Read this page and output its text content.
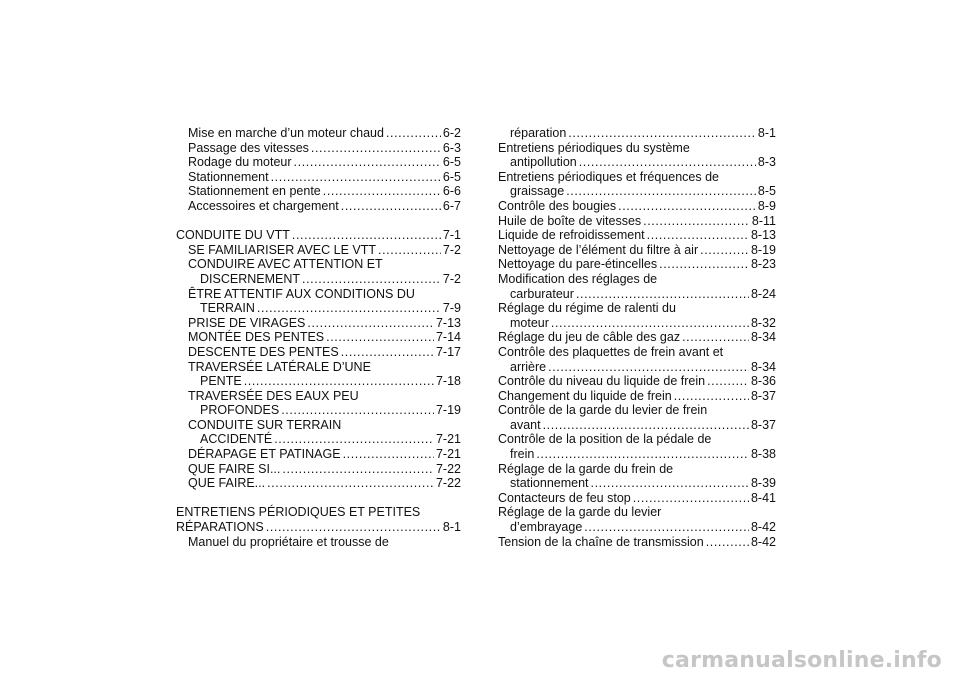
Mise en marche d’un moteur chaud .....	6-2
Passage des vitesses .....	6-3
Rodage du moteur .....	6-5
Stationnement .....	6-5
Stationnement en pente .....	6-6
Accessoires et chargement .....	6-7
CONDUITE DU VTT .....	7-1
SE FAMILIARISER AVEC LE VTT .....	7-2
CONDUIRE AVEC ATTENTION ET
DISCERNEMENT .....	7-2
ÊTRE ATTENTIF AUX CONDITIONS DU
TERRAIN .....	7-9
PRISE DE VIRAGES .....	7-13
MONTÉE DES PENTES .....	7-14
DESCENTE DES PENTES .....	7-17
TRAVERSÉE LATÉRALE D’UNE
PENTE .....	7-18
TRAVERSÉE DES EAUX PEU
PROFONDES .....	7-19
CONDUITE SUR TERRAIN
ACCIDENTÉ .....	7-21
DÉRAPAGE ET PATINAGE .....	7-21
QUE FAIRE SI... .....	7-22
QUE FAIRE... .....	7-22
ENTRETIENS PÉRIODIQUES ET PETITES
RÉPARATIONS .....	8-1
Manuel du propriétaire et trousse de
réparation .....	8-1
Entretiens périodiques du système
antipollution .....	8-3
Entretiens périodiques et fréquences de
graissage .....	8-5
Contrôle des bougies .....	8-9
Huile de boîte de vitesses .....	8-11
Liquide de refroidissement .....	8-13
Nettoyage de l’élément du filtre à air .....	8-19
Nettoyage du pare-étincelles .....	8-23
Modification des réglages de
carburateur .....	8-24
Réglage du régime de ralenti du
moteur .....	8-32
Réglage du jeu de câble des gaz .....	8-34
Contrôle des plaquettes de frein avant et
arrière .....	8-34
Contrôle du niveau du liquide de frein .....	8-36
Changement du liquide de frein .....	8-37
Contrôle de la garde du levier de frein
avant .....	8-37
Contrôle de la position de la pédale de
frein .....	8-38
Réglage de la garde du frein de
stationnement .....	8-39
Contacteurs de feu stop .....	8-41
Réglage de la garde du levier
d’embrayage .....	8-42
Tension de la chaîne de transmission .....	8-42
carmanualsonline.info
